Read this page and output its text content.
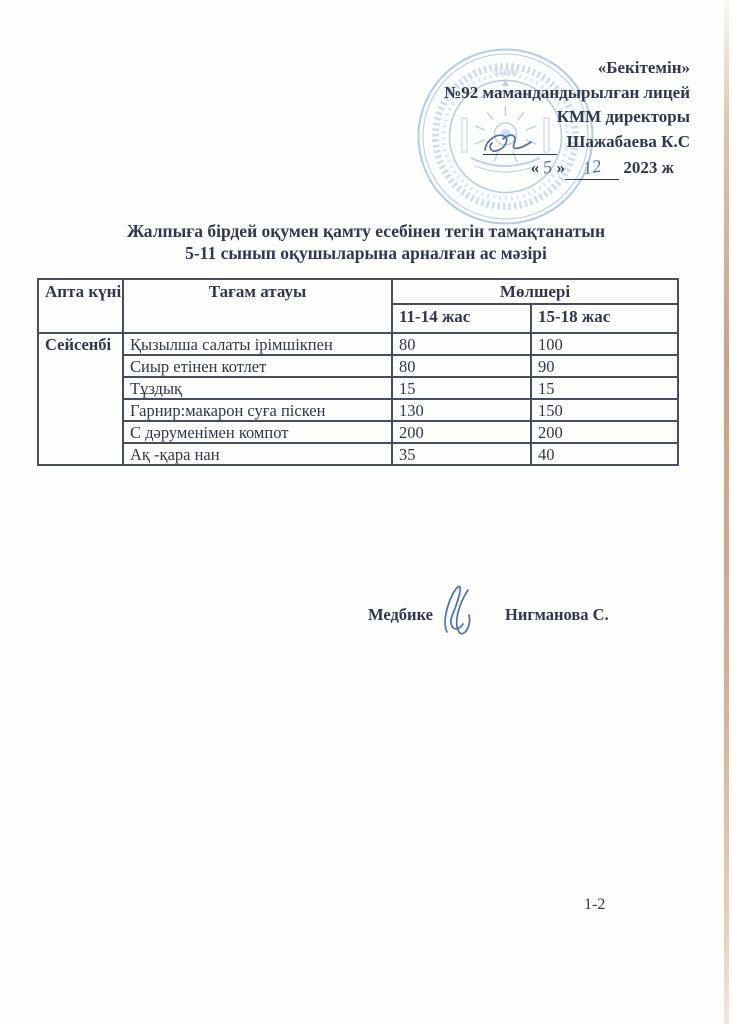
044000	«Бекітемін»
№92 мамандандырылған лицей
КММ директоры
Шажабаева К.С
« 5 » 12 2023 ж
Жалпыға бірдей оқумен қамту есебінен тегін тамақтанатын
5-11 сынып оқушыларына арналған ас мәзірі
Апта күні	Тағам атауы	Мөлшері	
		11-14 жас	15-18 жас
Сейсенбі	Қызылша салаты ірімшікпен	80	100
	Сиыр етінен котлет	80	90
	Тұздық	15	15
	Гарнир:макарон суға піскен	130	150
	С дәруменімен компот	200	200
	Ақ -қара нан	35	40
Медбике	Нигманова С.
1-2
